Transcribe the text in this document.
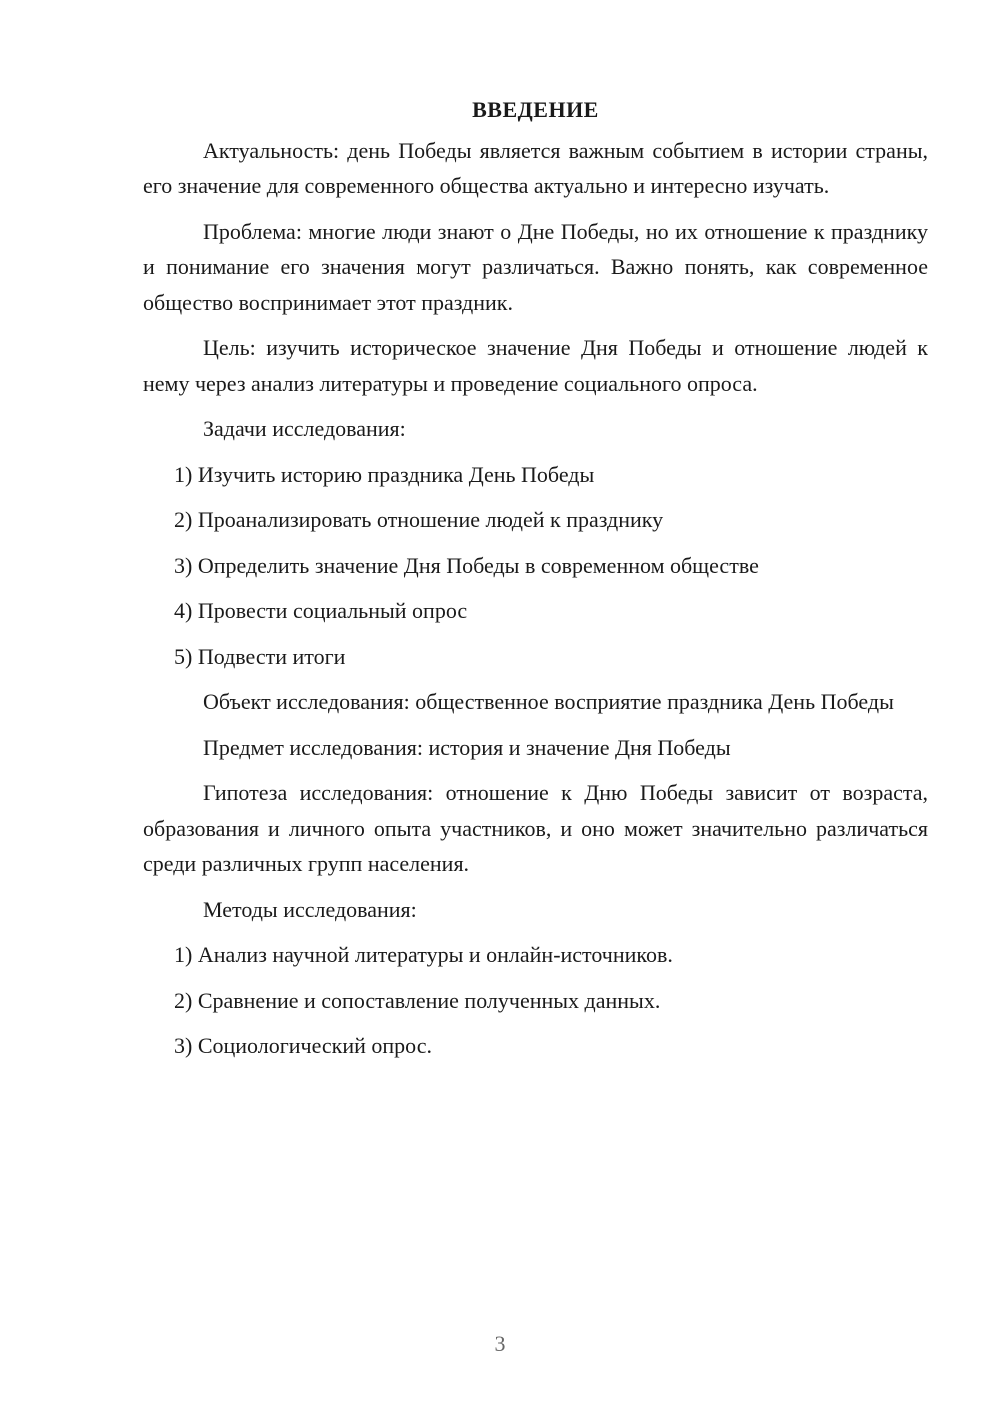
ВВЕДЕНИЕ

Актуальность: день Победы является важным событием в истории страны, его значение для современного общества актуально и интересно изучать.

Проблема: многие люди знают о Дне Победы, но их отношение к празднику и понимание его значения могут различаться. Важно понять, как современное общество воспринимает этот праздник.

Цель: изучить историческое значение Дня Победы и отношение людей к нему через анализ литературы и проведение социального опроса.

Задачи исследования:
1) Изучить историю праздника День Победы
2) Проанализировать отношение людей к празднику
3) Определить значение Дня Победы в современном обществе
4) Провести социальный опрос
5) Подвести итоги

Объект исследования: общественное восприятие праздника День Победы

Предмет исследования: история и значение Дня Победы

Гипотеза исследования: отношение к Дню Победы зависит от возраста, образования и личного опыта участников, и оно может значительно различаться среди различных групп населения.

Методы исследования:
1) Анализ научной литературы и онлайн-источников.
2) Сравнение и сопоставление полученных данных.
3) Социологический опрос.
3
